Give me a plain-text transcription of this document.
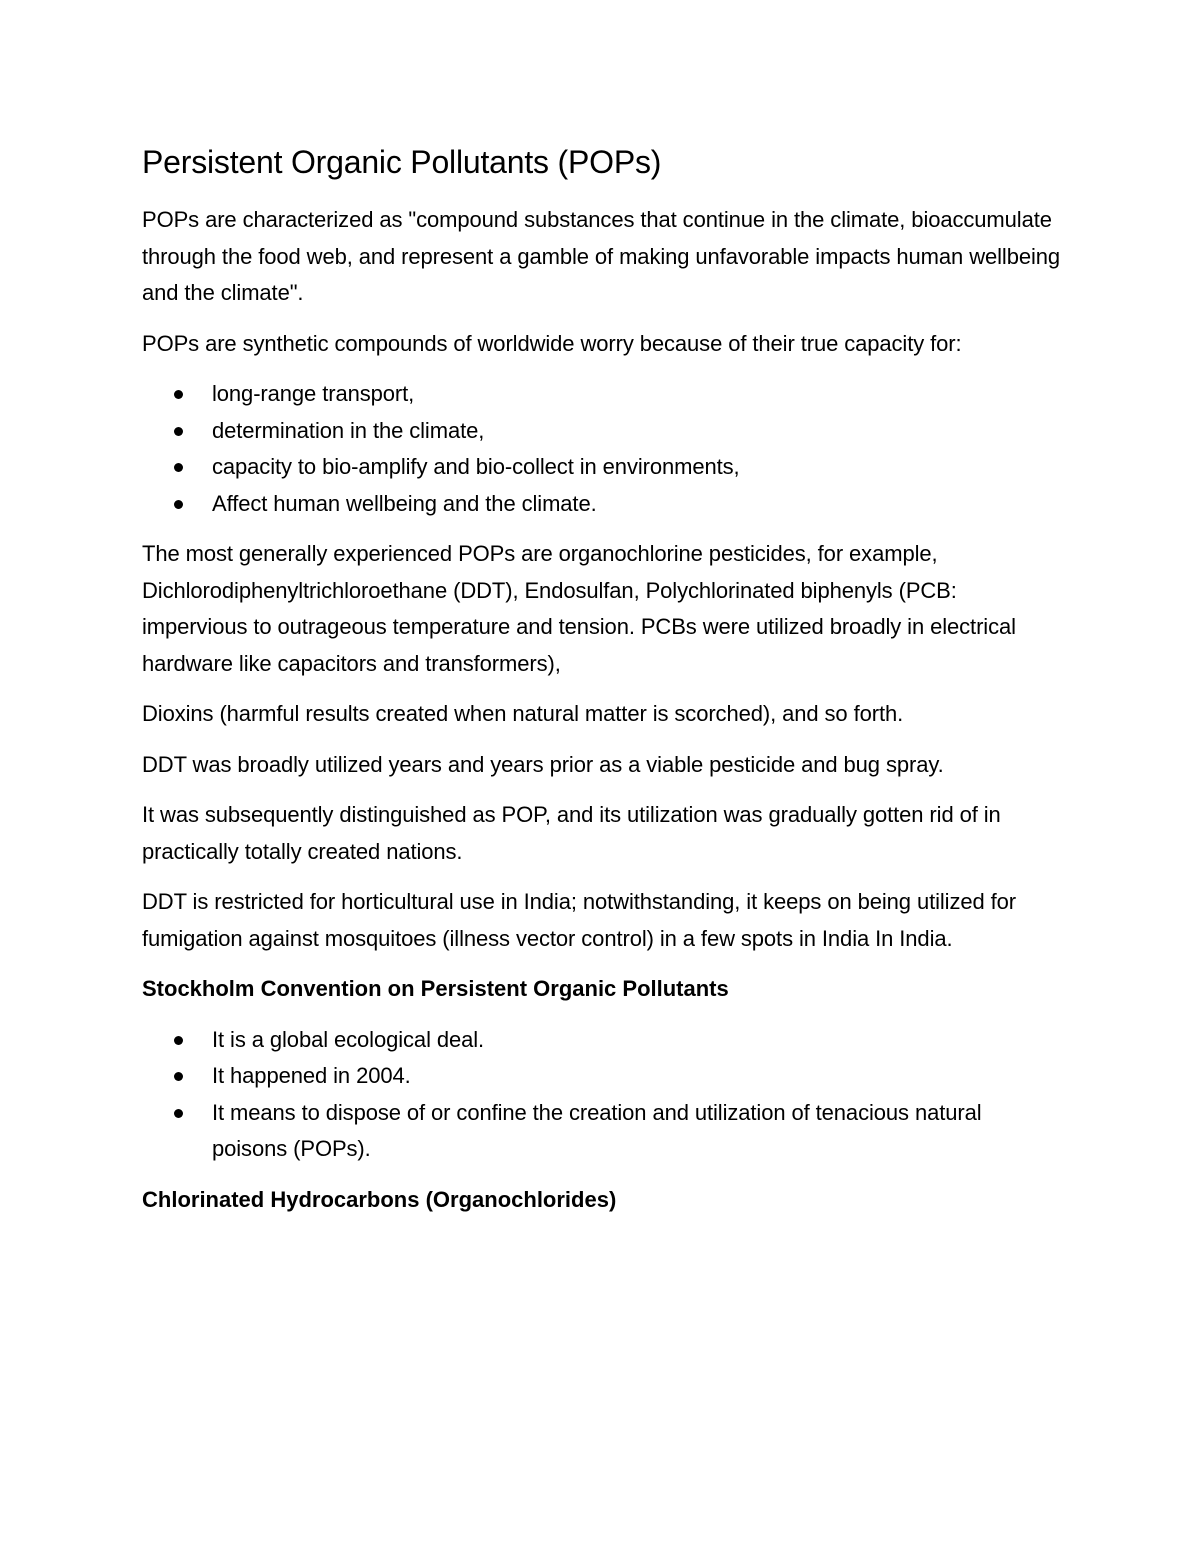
Persistent Organic Pollutants (POPs)

POPs are characterized as "compound substances that continue in the climate, bioaccumulate through the food web, and represent a gamble of making unfavorable impacts human wellbeing and the climate".

POPs are synthetic compounds of worldwide worry because of their true capacity for:

long-range transport,
determination in the climate,
capacity to bio-amplify and bio-collect in environments,
Affect human wellbeing and the climate.

The most generally experienced POPs are organochlorine pesticides, for example, Dichlorodiphenyltrichloroethane (DDT), Endosulfan, Polychlorinated biphenyls (PCB: impervious to outrageous temperature and tension. PCBs were utilized broadly in electrical hardware like capacitors and transformers),

Dioxins (harmful results created when natural matter is scorched), and so forth.

DDT was broadly utilized years and years prior as a viable pesticide and bug spray.

It was subsequently distinguished as POP, and its utilization was gradually gotten rid of in practically totally created nations.

DDT is restricted for horticultural use in India; notwithstanding, it keeps on being utilized for fumigation against mosquitoes (illness vector control) in a few spots in India In India.

Stockholm Convention on Persistent Organic Pollutants
It is a global ecological deal.
It happened in 2004.
It means to dispose of or confine the creation and utilization of tenacious natural poisons (POPs).
Chlorinated Hydrocarbons (Organochlorides)
